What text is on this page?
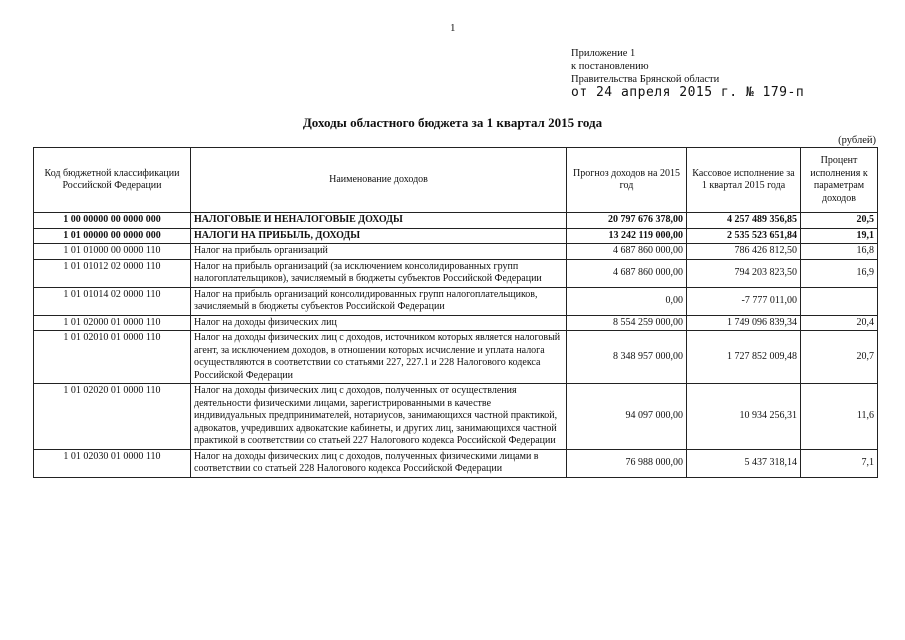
1
Приложение 1
к постановлению
Правительства Брянской области
от 24 апреля 2015 г. № 179-п
Доходы областного бюджета за 1 квартал 2015 года
(рублей)
Код бюджетной классификации Российской Федерации	Наименование доходов	Прогноз доходов на 2015 год	Кассовое исполнение за 1 квартал 2015 года	Процент исполнения к параметрам доходов
1 00 00000 00 0000 000	НАЛОГОВЫЕ И НЕНАЛОГОВЫЕ ДОХОДЫ	20 797 676 378,00	4 257 489 356,85	20,5
1 01 00000 00 0000 000	НАЛОГИ НА ПРИБЫЛЬ, ДОХОДЫ	13 242 119 000,00	2 535 523 651,84	19,1
1 01 01000 00 0000 110	Налог на прибыль организаций	4 687 860 000,00	786 426 812,50	16,8
1 01 01012 02 0000 110	Налог на прибыль организаций (за исключением консолидированных групп налогоплательщиков), зачисляемый в бюджеты субъектов Российской Федерации	4 687 860 000,00	794 203 823,50	16,9
1 01 01014 02 0000 110	Налог на прибыль организаций консолидированных групп налогоплательщиков, зачисляемый в бюджеты субъектов Российской Федерации	0,00	-7 777 011,00	
1 01 02000 01 0000 110	Налог на доходы физических лиц	8 554 259 000,00	1 749 096 839,34	20,4
1 01 02010 01 0000 110	Налог на доходы физических лиц с доходов, источником которых является налоговый агент, за исключением доходов, в отношении которых исчисление и уплата налога осуществляются в соответствии со статьями 227, 227.1 и 228 Налогового кодекса Российской Федерации	8 348 957 000,00	1 727 852 009,48	20,7
1 01 02020 01 0000 110	Налог на доходы физических лиц с доходов, полученных от осуществления деятельности физическими лицами, зарегистрированными в качестве индивидуальных предпринимателей, нотариусов, занимающихся частной практикой, адвокатов, учредивших адвокатские кабинеты, и других лиц, занимающихся частной практикой в соответствии со статьей 227 Налогового кодекса Российской Федерации	94 097 000,00	10 934 256,31	11,6
1 01 02030 01 0000 110	Налог на доходы физических лиц с доходов, полученных физическими лицами в соответствии со статьей 228 Налогового кодекса Российской Федерации	76 988 000,00	5 437 318,14	7,1
